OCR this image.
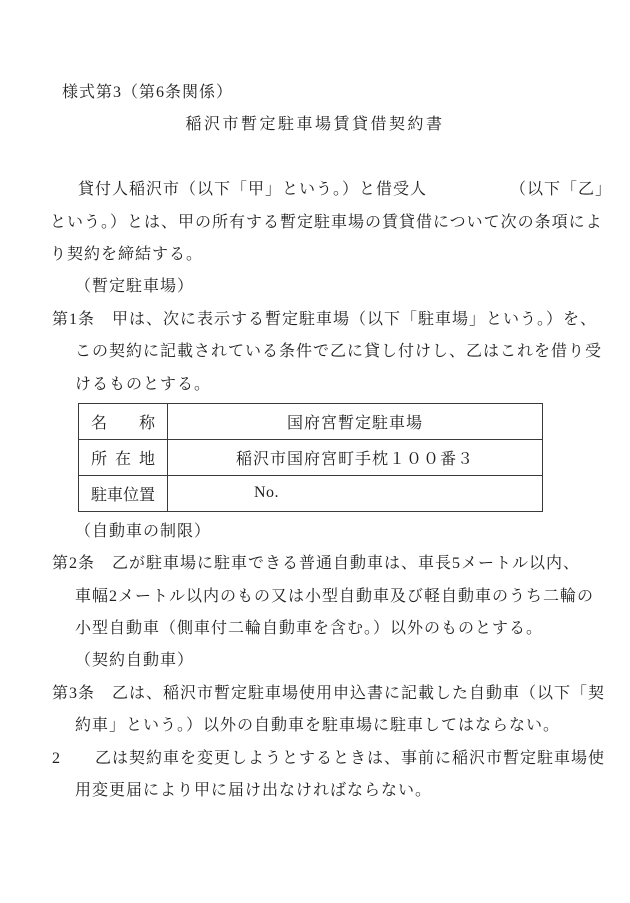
様式第3（第6条関係）
稲沢市暫定駐車場賃貸借契約書
貸付人稲沢市（以下「甲」という。）と借受人	（以下「乙」
という。）とは、甲の所有する暫定駐車場の賃貸借について次の条項によ
り契約を締結する。
（暫定駐車場）
第1条　甲は、次に表示する暫定駐車場（以下「駐車場」という。）を、
この契約に記載されている条件で乙に貸し付けし、乙はこれを借り受
けるものとする。
名称	国府宮暫定駐車場
所在地	稲沢市国府宮町手枕１００番３
駐車位置	No.
（自動車の制限）
第2条　乙が駐車場に駐車できる普通自動車は、車長5メートル以内、
車幅2メートル以内のもの又は小型自動車及び軽自動車のうち二輪の
小型自動車（側車付二輪自動車を含む。）以外のものとする。
（契約自動車）
第3条　乙は、稲沢市暫定駐車場使用申込書に記載した自動車（以下「契
約車」という。）以外の自動車を駐車場に駐車してはならない。
2　　乙は契約車を変更しようとするときは、事前に稲沢市暫定駐車場使
用変更届により甲に届け出なければならない。
